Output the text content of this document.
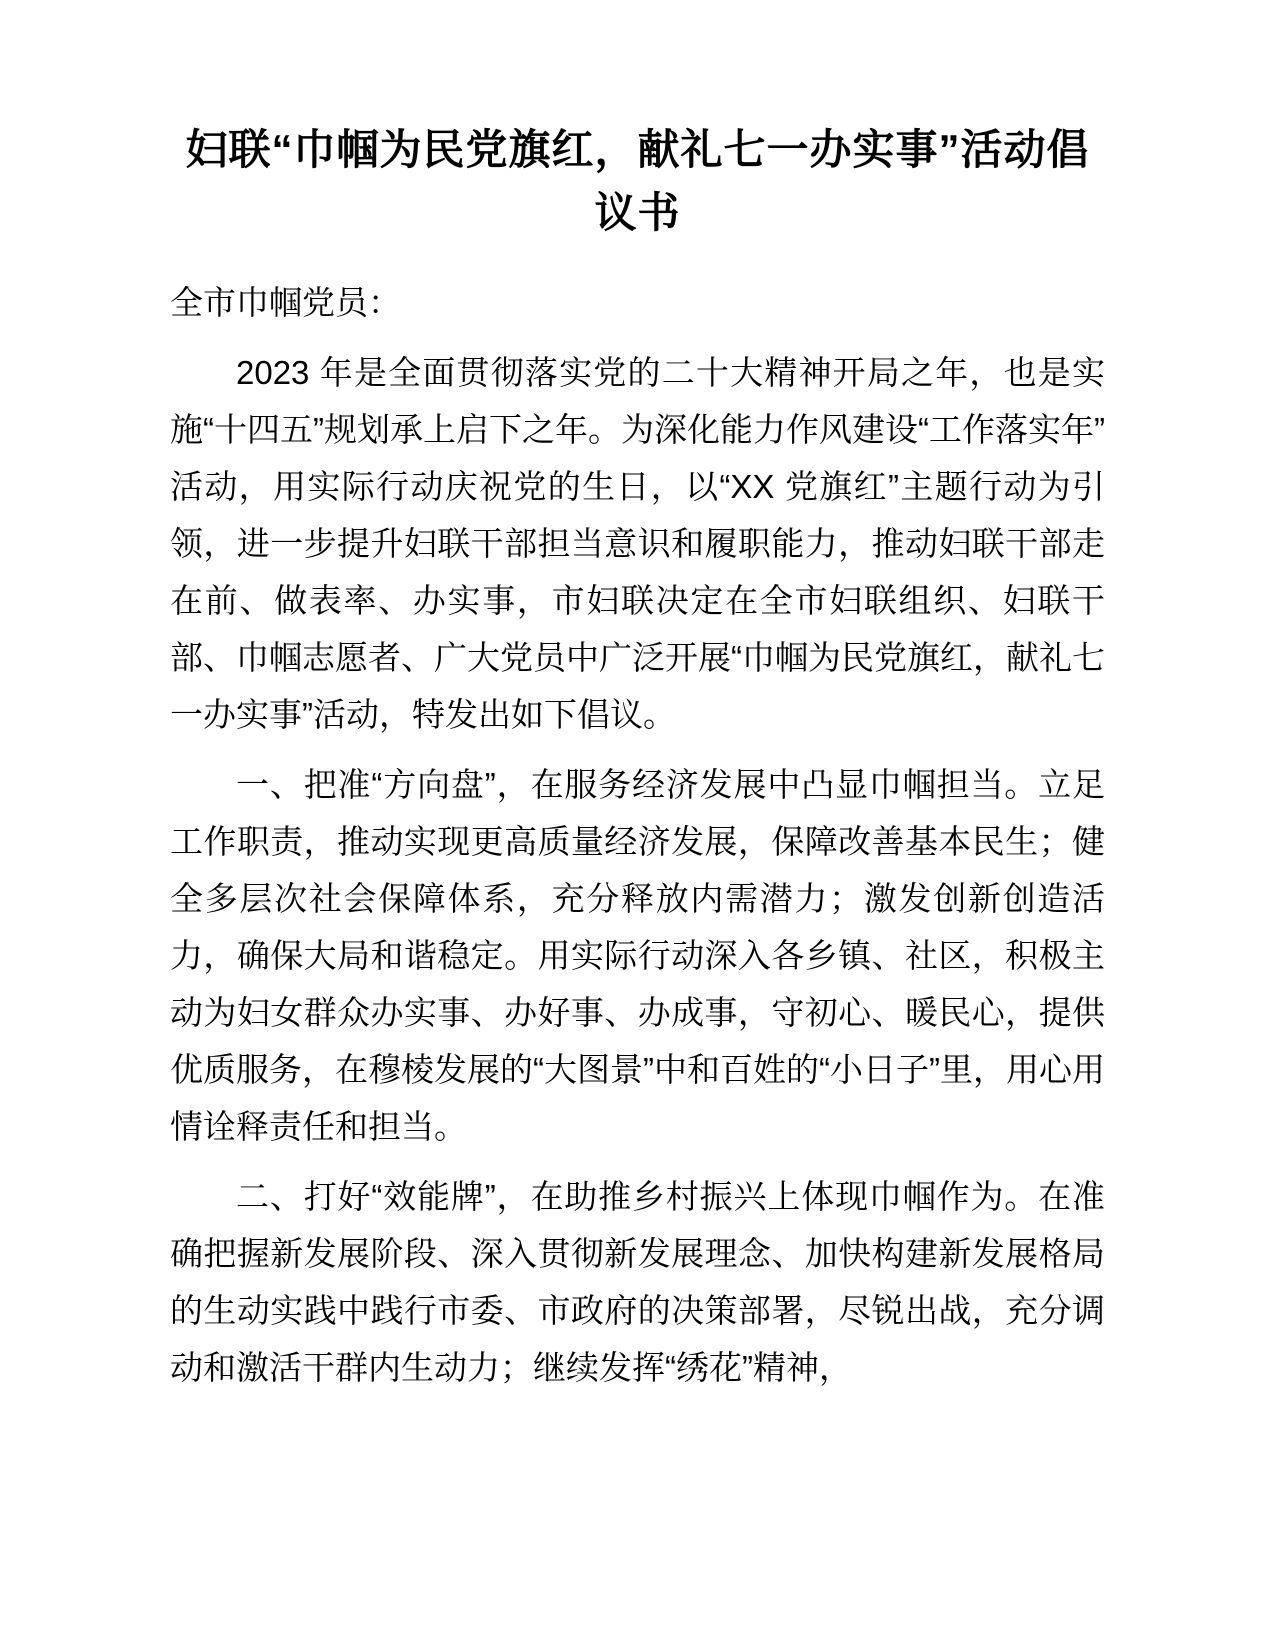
妇联“巾帼为民党旗红，献礼七一办实事”活动倡议书

全市巾帼党员：

2023 年是全面贯彻落实党的二十大精神开局之年，也是实施“十四五”规划承上启下之年。为深化能力作风建设“工作落实年”活动，用实际行动庆祝党的生日，以“XX 党旗红”主题行动为引领，进一步提升妇联干部担当意识和履职能力，推动妇联干部走在前、做表率、办实事，市妇联决定在全市妇联组织、妇联干部、巾帼志愿者、广大党员中广泛开展“巾帼为民党旗红，献礼七一办实事”活动，特发出如下倡议。

一、把准“方向盘”，在服务经济发展中凸显巾帼担当。立足工作职责，推动实现更高质量经济发展，保障改善基本民生；健全多层次社会保障体系，充分释放内需潜力；激发创新创造活力，确保大局和谐稳定。用实际行动深入各乡镇、社区，积极主动为妇女群众办实事、办好事、办成事，守初心、暖民心，提供优质服务，在穆棱发展的“大图景”中和百姓的“小日子”里，用心用情诠释责任和担当。

二、打好“效能牌”，在助推乡村振兴上体现巾帼作为。在准确把握新发展阶段、深入贯彻新发展理念、加快构建新发展格局的生动实践中践行市委、市政府的决策部署，尽锐出战，充分调动和激活干群内生动力；继续发挥“绣花”精神，
